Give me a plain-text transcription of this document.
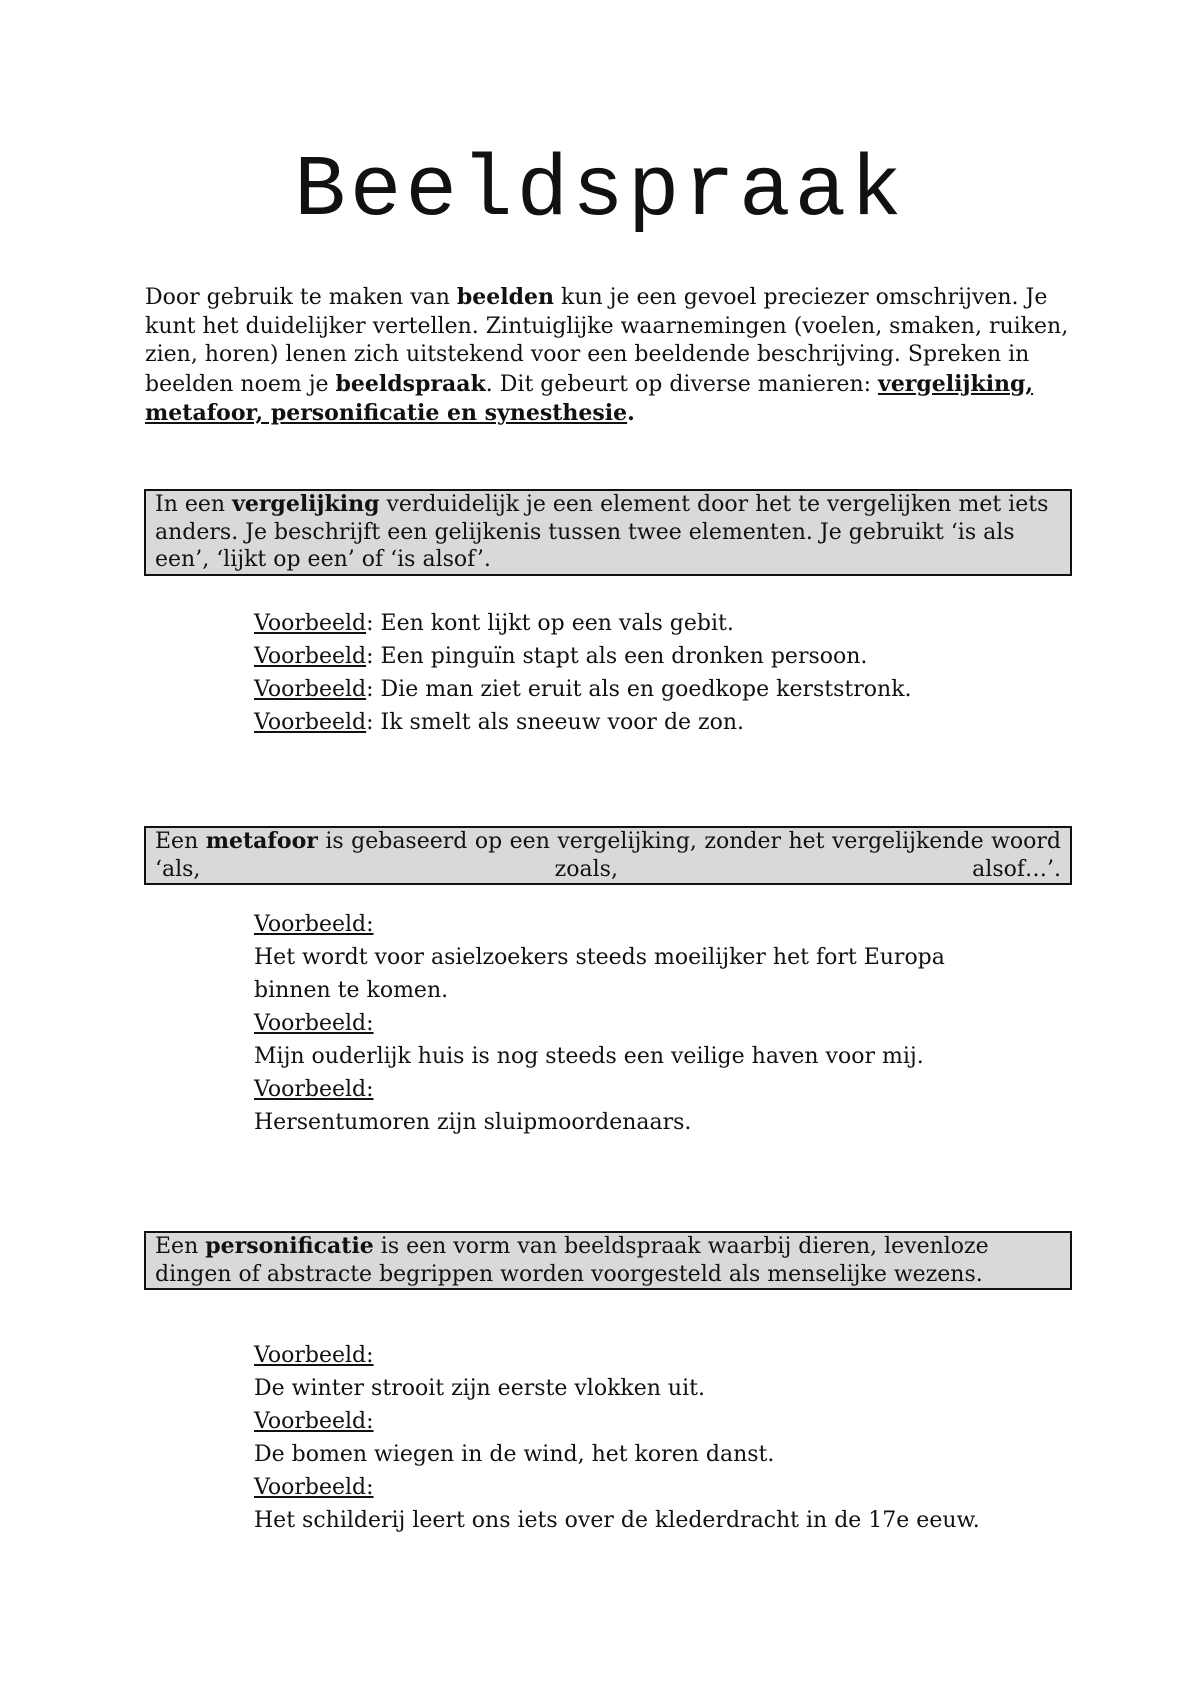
Beeldspraak
Door gebruik te maken van beelden kun je een gevoel preciezer omschrijven. Je kunt het duidelijker vertellen. Zintuiglijke waarnemingen (voelen, smaken, ruiken, zien, horen) lenen zich uitstekend voor een beeldende beschrijving. Spreken in beelden noem je beeldspraak. Dit gebeurt op diverse manieren: vergelijking, metafoor, personificatie en synesthesie.
In een vergelijking verduidelijk je een element door het te vergelijken met iets anders. Je beschrijft een gelijkenis tussen twee elementen. Je gebruikt ‘is als een’, ‘lijkt op een’ of ‘is alsof’.
Voorbeeld: Een kont lijkt op een vals gebit.
Voorbeeld: Een pinguïn stapt als een dronken persoon.
Voorbeeld: Die man ziet eruit als en goedkope kerststronk.
Voorbeeld: Ik smelt als sneeuw voor de zon.
Een metafoor is gebaseerd op een vergelijking, zonder het vergelijkende woord ‘als, zoals, alsof…’.
Voorbeeld:
Het wordt voor asielzoekers steeds moeilijker het fort Europa
binnen te komen.
Voorbeeld:
Mijn ouderlijk huis is nog steeds een veilige haven voor mij.
Voorbeeld:
Hersentumoren zijn sluipmoordenaars.
Een personificatie is een vorm van beeldspraak waarbij dieren, levenloze dingen of abstracte begrippen worden voorgesteld als menselijke wezens.
Voorbeeld:
De winter strooit zijn eerste vlokken uit.
Voorbeeld:
De bomen wiegen in de wind, het koren danst.
Voorbeeld:
Het schilderij leert ons iets over de klederdracht in de 17e eeuw.
